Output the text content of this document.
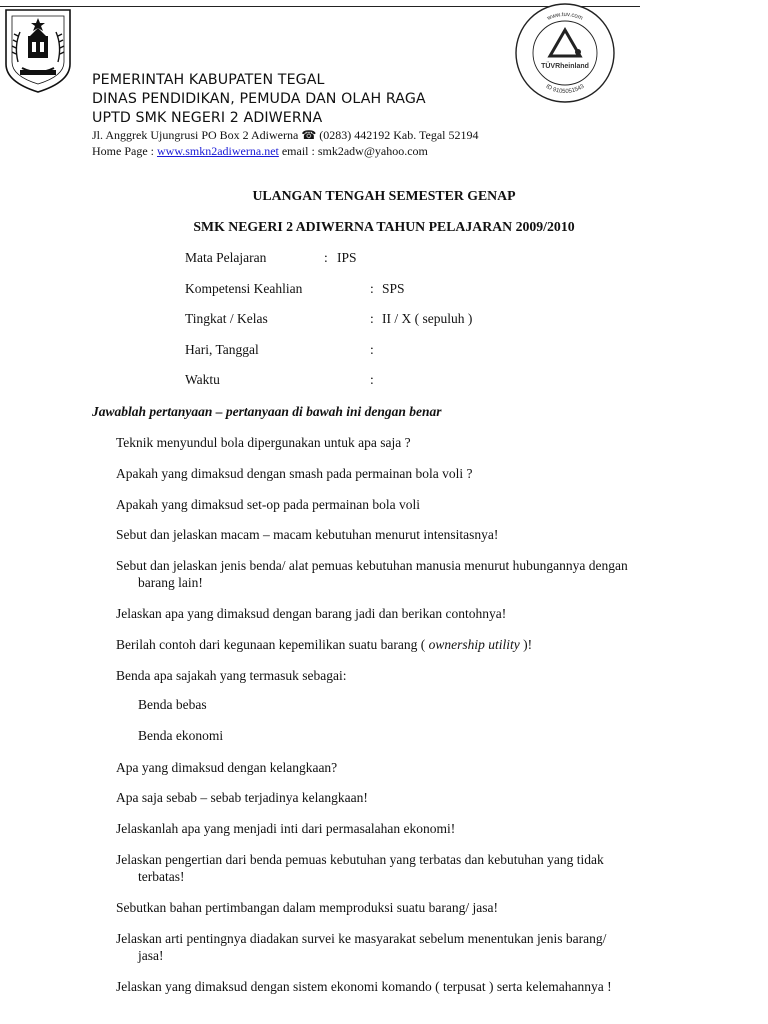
www.tuv.com
ID 9105051543
TÜVRheinland
PEMERINTAH KABUPATEN TEGAL
DINAS PENDIDIKAN, PEMUDA DAN OLAH RAGA
UPTD SMK NEGERI 2 ADIWERNA
Jl. Anggrek Ujungrusi PO Box 2 Adiwerna ☎ (0283) 442192 Kab. Tegal 52194
Home Page : www.smkn2adiwerna.net email : smk2adw@yahoo.com
ULANGAN TENGAH SEMESTER GENAP
SMK NEGERI 2 ADIWERNA TAHUN PELAJARAN 2009/2010
Mata Pelajaran	: IPS
Kompetensi Keahlian	: SPS
Tingkat / Kelas	: II / X ( sepuluh )
Hari, Tanggal	:
Waktu	:
Jawablah pertanyaan – pertanyaan di bawah ini dengan benar
Teknik menyundul bola dipergunakan untuk apa saja ?
Apakah yang dimaksud dengan smash pada permainan bola voli ?
Apakah yang dimaksud set-op pada permainan bola voli
Sebut dan jelaskan macam – macam kebutuhan menurut intensitasnya!
Sebut dan jelaskan jenis benda/ alat pemuas kebutuhan manusia menurut hubungannya dengan
barang lain!
Jelaskan apa yang dimaksud dengan barang jadi dan berikan contohnya!
Berilah contoh dari kegunaan kepemilikan suatu barang ( ownership utility )!
Benda apa sajakah yang termasuk sebagai:
Benda bebas
Benda ekonomi
Apa yang dimaksud dengan kelangkaan?
Apa saja sebab – sebab terjadinya kelangkaan!
Jelaskanlah apa yang menjadi inti dari permasalahan ekonomi!
Jelaskan pengertian dari benda pemuas kebutuhan yang terbatas dan kebutuhan yang tidak
terbatas!
Sebutkan bahan pertimbangan dalam memproduksi suatu barang/ jasa!
Jelaskan arti pentingnya diadakan survei ke masyarakat sebelum menentukan jenis barang/
jasa!
Jelaskan yang dimaksud dengan sistem ekonomi komando ( terpusat ) serta kelemahannya !
